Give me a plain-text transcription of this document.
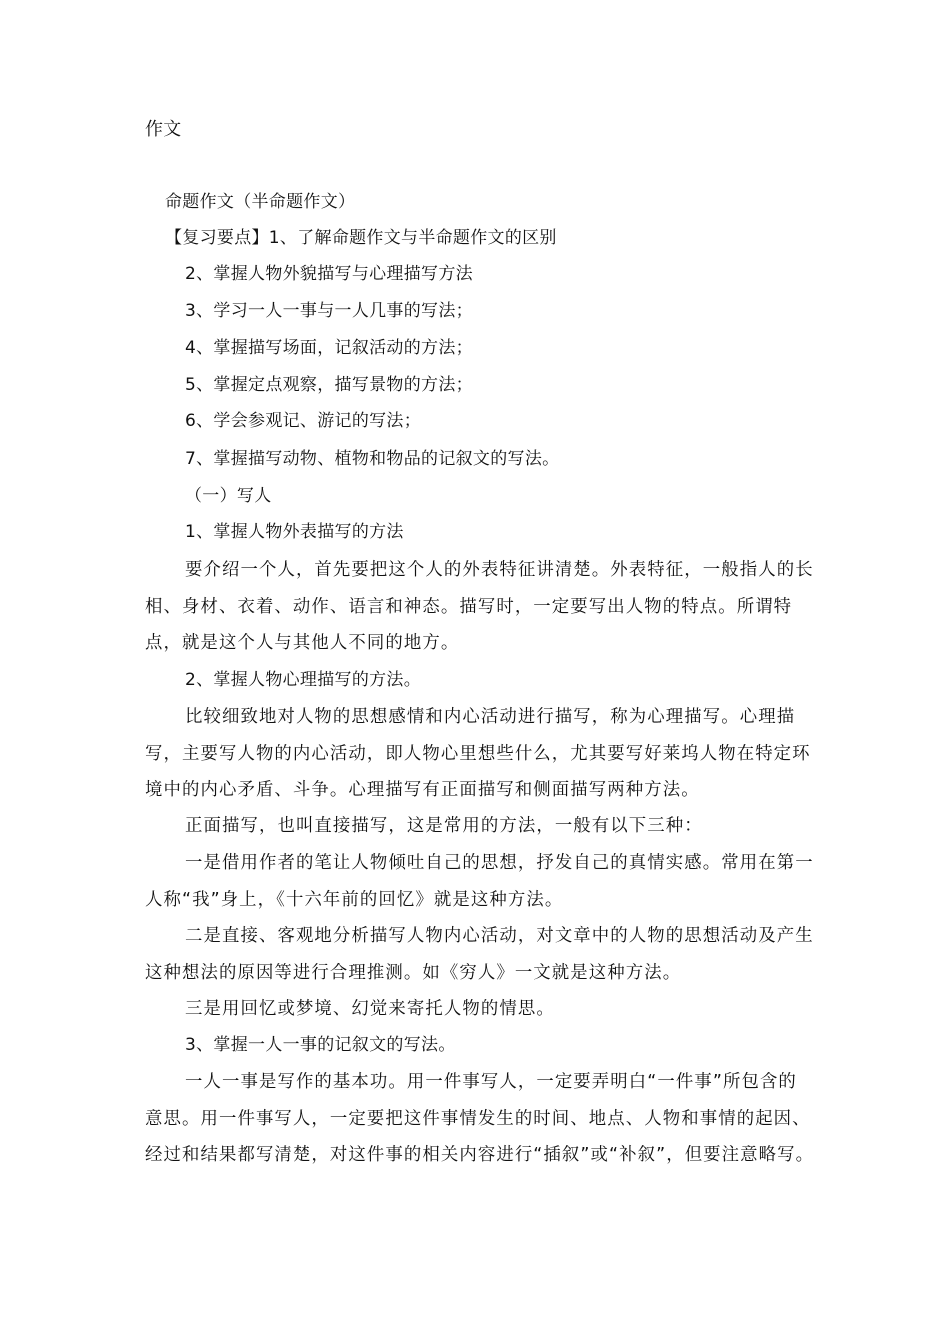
作文
命题作文（半命题作文）
【复习要点】1、了解命题作文与半命题作文的区别
2、掌握人物外貌描写与心理描写方法
3、学习一人一事与一人几事的写法；
4、掌握描写场面，记叙活动的方法；
5、掌握定点观察，描写景物的方法；
6、学会参观记、游记的写法；
7、掌握描写动物、植物和物品的记叙文的写法。
（一）写人
1、掌握人物外表描写的方法
要介绍一个人，首先要把这个人的外表特征讲清楚。外表特征，一般指人的长相、身材、衣着、动作、语言和神态。描写时，一定要写出人物的特点。所谓特点，就是这个人与其他人不同的地方。
2、掌握人物心理描写的方法。
比较细致地对人物的思想感情和内心活动进行描写，称为心理描写。心理描写，主要写人物的内心活动，即人物心里想些什么，尤其要写好莱坞人物在特定环境中的内心矛盾、斗争。心理描写有正面描写和侧面描写两种方法。
正面描写，也叫直接描写，这是常用的方法，一般有以下三种：
一是借用作者的笔让人物倾吐自己的思想，抒发自己的真情实感。常用在第一人称“我”身上，《十六年前的回忆》就是这种方法。
二是直接、客观地分析描写人物内心活动，对文章中的人物的思想活动及产生这种想法的原因等进行合理推测。如《穷人》一文就是这种方法。
三是用回忆或梦境、幻觉来寄托人物的情思。
3、掌握一人一事的记叙文的写法。
一人一事是写作的基本功。用一件事写人，一定要弄明白“一件事”所包含的意思。用一件事写人，一定要把这件事情发生的时间、地点、人物和事情的起因、经过和结果都写清楚，对这件事的相关内容进行“插叙”或“补叙”，但要注意略写。
